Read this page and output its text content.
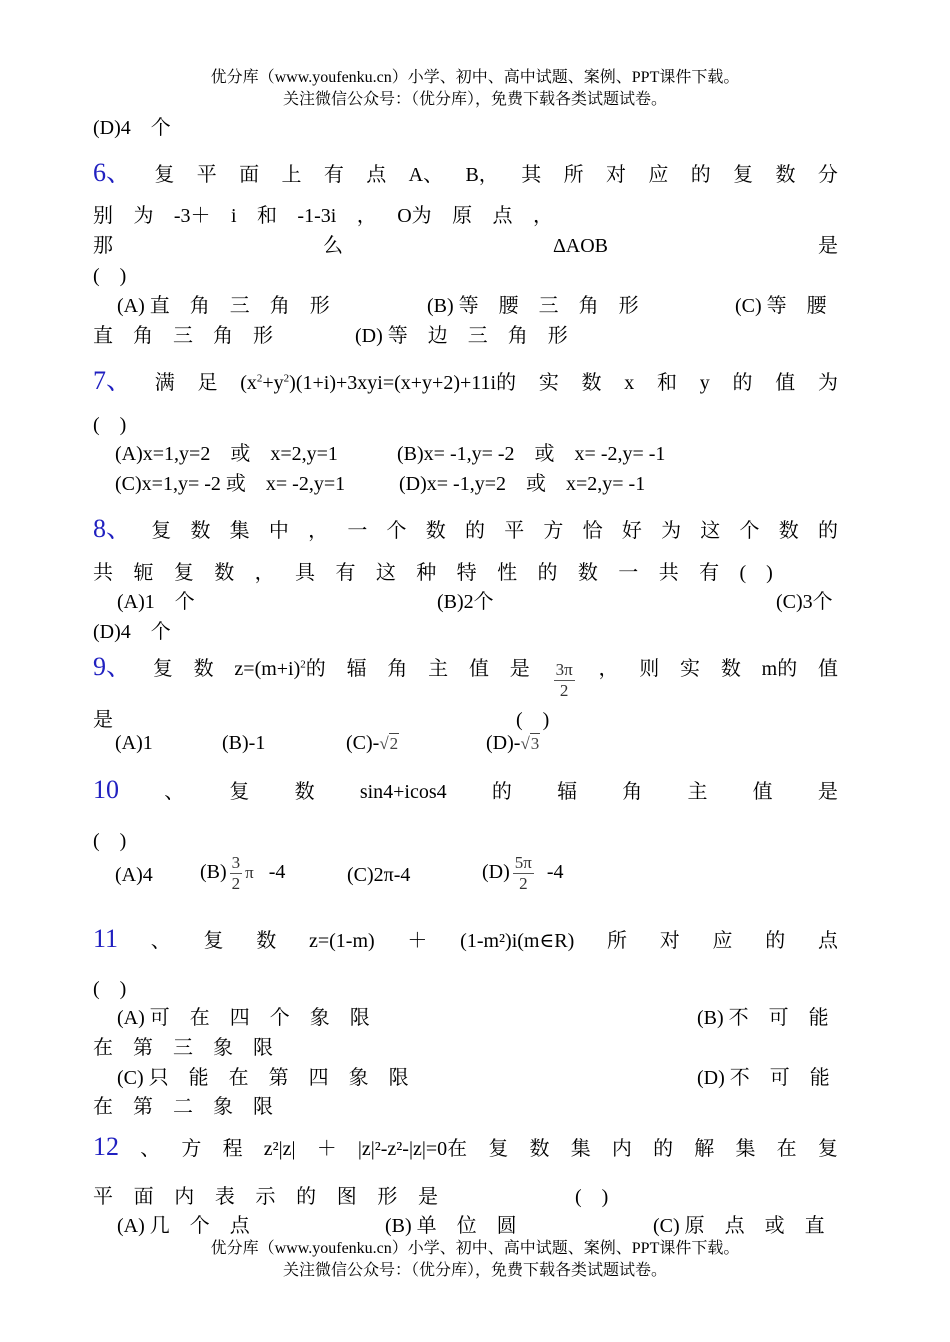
优分库（www.youfenku.cn）小学、初中、高中试题、案例、PPT课件下载。
关注微信公众号：（优分库），免费下载各类试题试卷。
(D)4　个
6、 复 平 面 上 有 点 A、 B， 其 所 对 应 的 复 数 分
别 为 -3＋ i 和 -1-3i ， O为 原 点 ，
那	么	ΔAOB	是
(　)
(A) 直　角　三　角　形	(B) 等　腰　三　角　形	(C) 等　腰
直　角　三　角　形	(D) 等　边　三　角　形
7、 满 足 $(x^2+y^2)(1+i)+3xyi=(x+y+2)+11i$的 实 数 x 和 y 的 值 为
(　)
(A)x=1,y=2　或　x=2,y=1	(B)x= -1,y= -2　或　x= -2,y= -1
(C)x=1,y= -2 或　x= -2,y=1	(D)x= -1,y=2　或　x=2,y= -1
8、 复 数 集 中 ， 一 个 数 的 平 方 恰 好 为 这 个 数 的
共 轭 复 数 ， 具 有 这 种 特 性 的 数 一 共 有 (　)
(A)1　个	(B)2个	(C)3个
(D)4　个
9、 复 数 $z=(m+i)^2$的 辐 角 主 值 是 $\frac{3\pi}{2}$ ， 则 实 数 m的 值
是	(　)
(A)1	(B)-1	(C)-√2	(D)-√3
10 、 复 数 sin4+icos4 的 辐 角 主 值 是
(　)
(A)4 $(B) \frac{3}{2}$ π -4	(C)2π-4	$(D) \frac{5\pi}{2} -4$
11 、 复 数 z=(1-m) ＋ (1-m²)i(m∈R) 所 对 应 的 点
(　)
(A) 可　在　四　个　象　限	(B) 不　可　能
在　第　三　象　限
(C) 只　能　在　第　四　象　限	(D) 不　可　能
在　第　二　象　限
12 、 方 程 z²|z| ＋ |z|²-z²-|z|=0在 复 数 集 内 的 解 集 在 复
平 面 内 表 示 的 图 形 是	(　)
(A) 几　个　点	(B) 单　位　圆	(C) 原　点　或　直
优分库（www.youfenku.cn）小学、初中、高中试题、案例、PPT课件下载。
关注微信公众号：（优分库），免费下载各类试题试卷。
